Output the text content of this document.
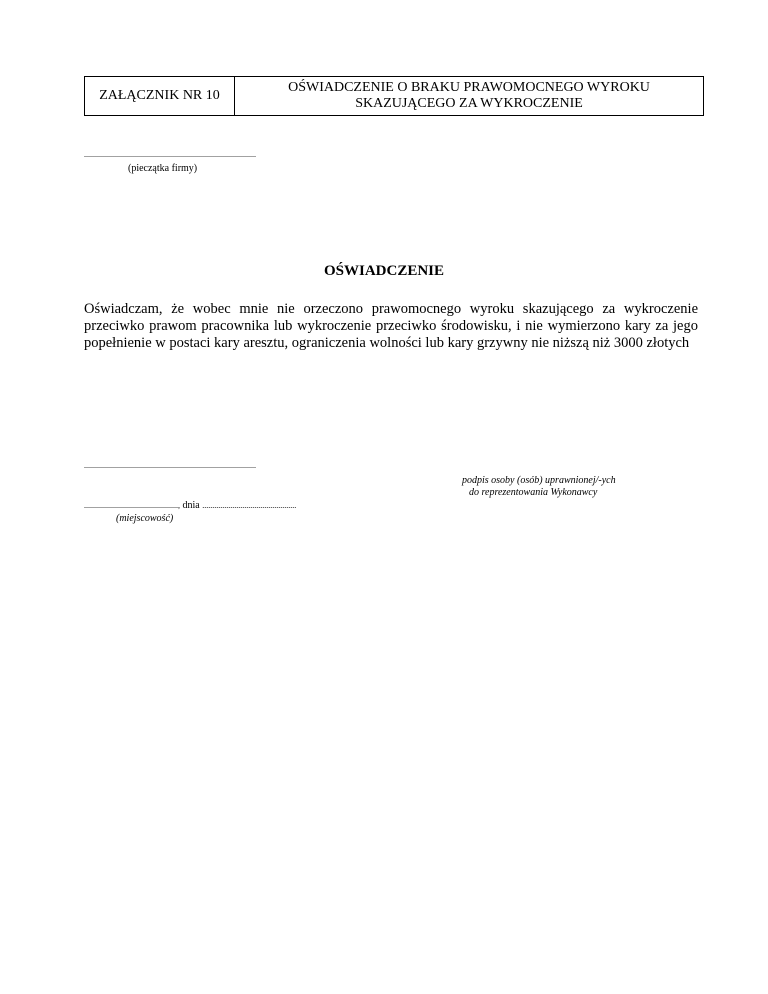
ZAŁĄCZNIK NR 10
OŚWIADCZENIE O BRAKU PRAWOMOCNEGO WYROKU
SKAZUJĄCEGO ZA WYKROCZENIE
......................................................................................
(pieczątka firmy)
OŚWIADCZENIE
Oświadczam, że wobec mnie nie orzeczono prawomocnego wyroku skazującego za wykroczenie przeciwko prawom pracownika lub wykroczenie przeciwko środowisku, i nie wymierzono kary za jego popełnienie w postaci kary aresztu, ograniczenia wolności lub kary grzywny nie niższą niż 3000 złotych
......................................................................................
podpis osoby (osób) uprawnionej/-ych
do reprezentowania Wykonawcy
..............................................., dnia ...............................................
(miejscowość)
